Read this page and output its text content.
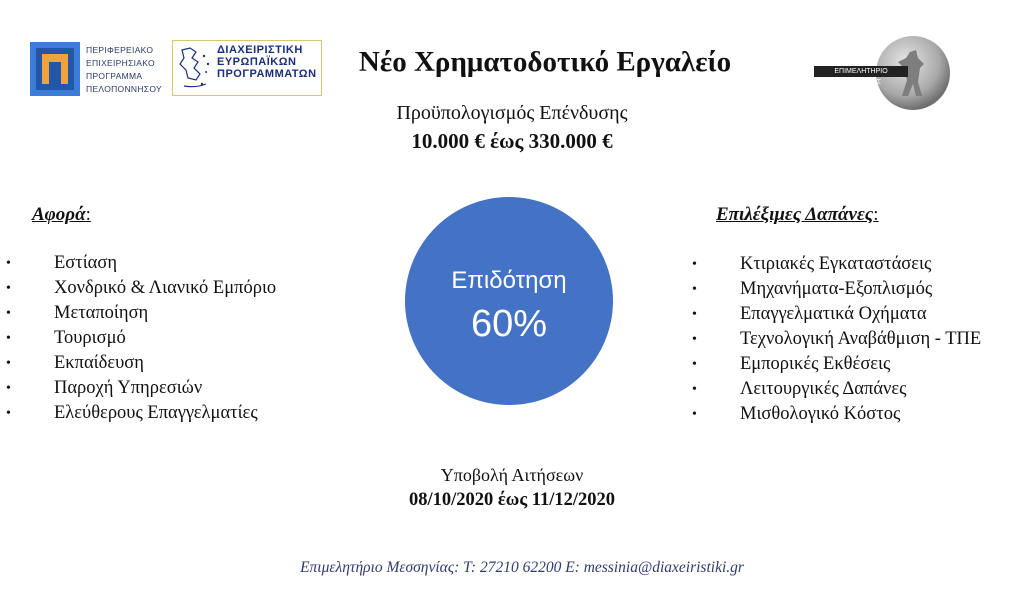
ΠΕΡΙΦΕΡΕΙΑΚΟ
ΕΠΙΧΕΙΡΗΣΙΑΚΟ
ΠΡΟΓΡΑΜΜΑ
ΠΕΛΟΠΟΝΝΗΣΟΥ
ΔΙΑΧΕΙΡΙΣΤΙΚΗ
ΕΥΡΩΠΑΪΚΩΝ
ΠΡΟΓΡΑΜΜΑΤΩΝ	ΕΠΙΜΕΛΗΤΗΡΙΟ ΜΕΣΣΗΝΙΑΣ
Νέο Χρηματοδοτικό Εργαλείο
Προϋπολογισμός Επένδυσης
10.000 € έως 330.000 €
Αφορά:
• Εστίαση
• Χονδρικό & Λιανικό Εμπόριο
• Μεταποίηση
• Τουρισμό
• Εκπαίδευση
• Παροχή Υπηρεσιών
• Ελεύθερους Επαγγελματίες
Επιδότηση
60%
Επιλέξιμες Δαπάνες:
• Κτιριακές Εγκαταστάσεις
• Μηχανήματα-Εξοπλισμός
• Επαγγελματικά Οχήματα
• Τεχνολογική Αναβάθμιση - ΤΠΕ
• Εμπορικές Εκθέσεις
• Λειτουργικές Δαπάνες
• Μισθολογικό Κόστος
Υποβολή Αιτήσεων
08/10/2020 έως 11/12/2020
Επιμελητήριο Μεσσηνίας: Τ: 27210 62200 Ε: messinia@diaxeiristiki.gr
